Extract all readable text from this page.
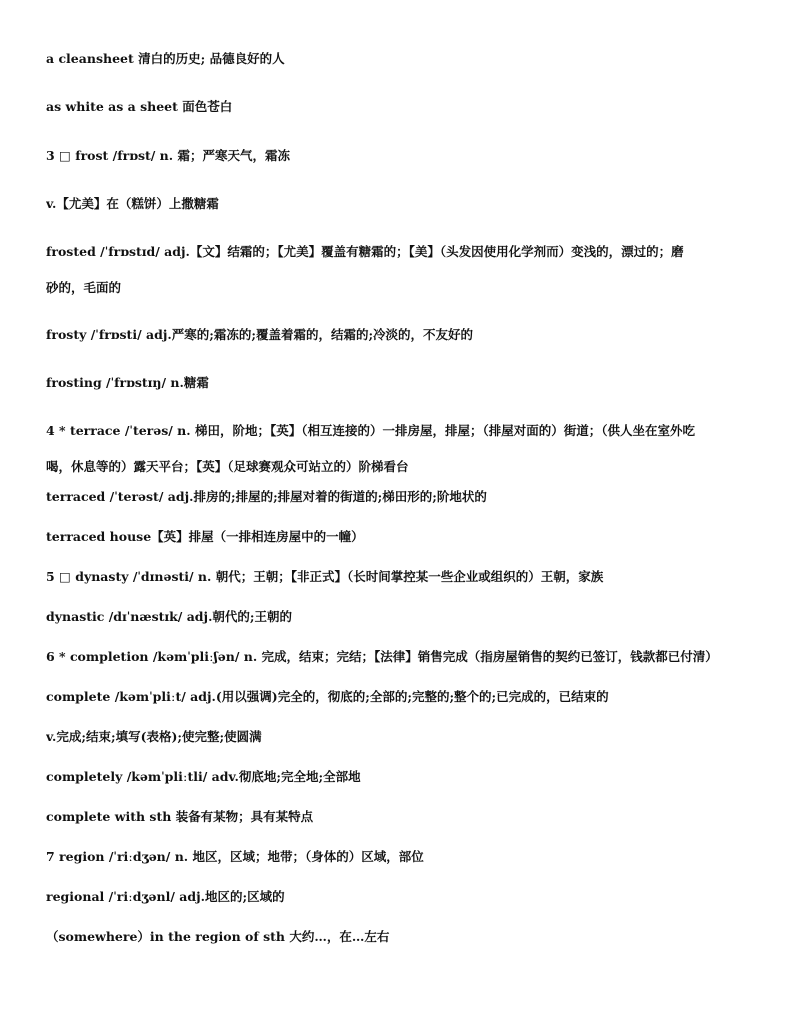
a cleansheet 清白的历史; 品德良好的人
as white as a sheet 面色苍白
3 □ frost /frɒst/ n. 霜；严寒天气，霜冻
v.【尤美】在（糕饼）上撒糖霜
frosted /ˈfrɒstɪd/ adj.【文】结霜的；【尤美】覆盖有糖霜的；【美】（头发因使用化学剂而）变浅的，漂过的；磨
砂的，毛面的
frosty /ˈfrɒsti/ adj.严寒的;霜冻的;覆盖着霜的，结霜的;冷淡的，不友好的
frosting /ˈfrɒstɪŋ/ n.糖霜
4 * terrace /ˈterəs/ n. 梯田，阶地；【英】（相互连接的）一排房屋，排屋；（排屋对面的）街道；（供人坐在室外吃
喝，休息等的）露天平台；【英】（足球赛观众可站立的）阶梯看台
terraced /ˈterəst/ adj.排房的;排屋的;排屋对着的街道的;梯田形的;阶地状的
terraced house【英】排屋（一排相连房屋中的一幢）
5 □ dynasty /ˈdɪnəsti/ n. 朝代；王朝；【非正式】（长时间掌控某一些企业或组织的）王朝，家族
dynastic /dɪˈnæstɪk/ adj.朝代的;王朝的
6 * completion /kəmˈpliːʃən/ n. 完成，结束；完结；【法律】销售完成（指房屋销售的契约已签订，钱款都已付清）
complete /kəmˈpliːt/ adj.(用以强调)完全的，彻底的;全部的;完整的;整个的;已完成的，已结束的
v.完成;结束;填写(表格);使完整;使圆满
completely /kəmˈpliːtli/ adv.彻底地;完全地;全部地
complete with sth 装备有某物；具有某特点
7 region /ˈriːdʒən/ n. 地区，区域；地带；（身体的）区域，部位
regional /ˈriːdʒənl/ adj.地区的;区域的
（somewhere）in the region of sth 大约…，在…左右
